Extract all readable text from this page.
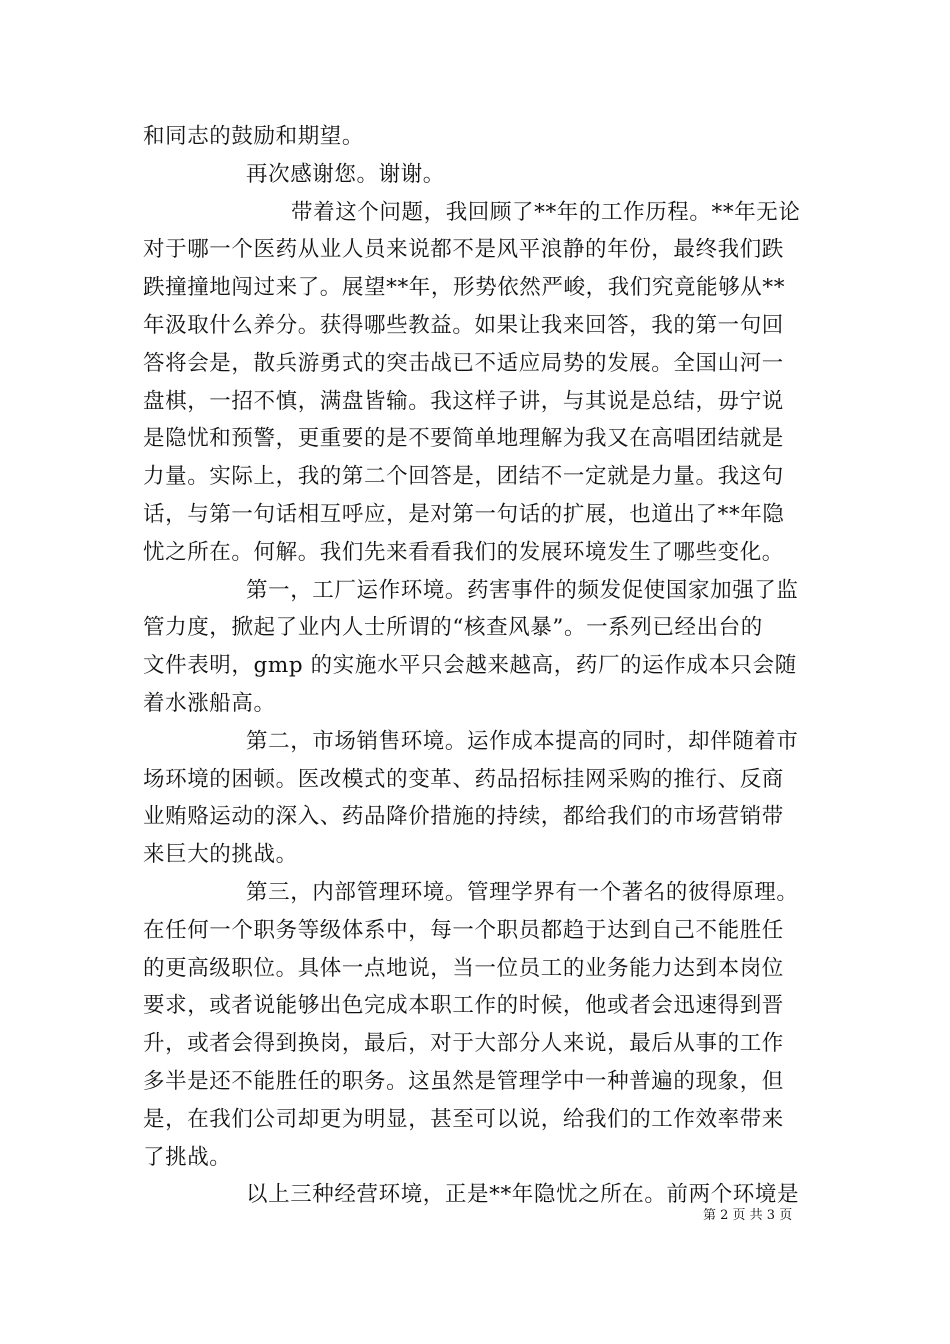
和同志的鼓励和期望。
再次感谢您。谢谢。
带着这个问题，我回顾了**年的工作历程。**年无论
对于哪一个医药从业人员来说都不是风平浪静的年份，最终我们跌
跌撞撞地闯过来了。展望**年，形势依然严峻，我们究竟能够从**
年汲取什么养分。获得哪些教益。如果让我来回答，我的第一句回
答将会是，散兵游勇式的突击战已不适应局势的发展。全国山河一
盘棋，一招不慎，满盘皆输。我这样子讲，与其说是总结，毋宁说
是隐忧和预警，更重要的是不要简单地理解为我又在高唱团结就是
力量。实际上，我的第二个回答是，团结不一定就是力量。我这句
话，与第一句话相互呼应，是对第一句话的扩展，也道出了**年隐
忧之所在。何解。我们先来看看我们的发展环境发生了哪些变化。
第一，工厂运作环境。药害事件的频发促使国家加强了监
管力度，掀起了业内人士所谓的“核查风暴”。一系列已经出台的
文件表明，gmp 的实施水平只会越来越高，药厂的运作成本只会随
着水涨船高。
第二，市场销售环境。运作成本提高的同时，却伴随着市
场环境的困顿。医改模式的变革、药品招标挂网采购的推行、反商
业贿赂运动的深入、药品降价措施的持续，都给我们的市场营销带
来巨大的挑战。
第三，内部管理环境。管理学界有一个著名的彼得原理。
在任何一个职务等级体系中，每一个职员都趋于达到自己不能胜任
的更高级职位。具体一点地说，当一位员工的业务能力达到本岗位
要求，或者说能够出色完成本职工作的时候，他或者会迅速得到晋
升，或者会得到换岗，最后，对于大部分人来说，最后从事的工作
多半是还不能胜任的职务。这虽然是管理学中一种普遍的现象，但
是，在我们公司却更为明显，甚至可以说，给我们的工作效率带来
了挑战。
以上三种经营环境，正是**年隐忧之所在。前两个环境是
第 2 页 共 3 页
